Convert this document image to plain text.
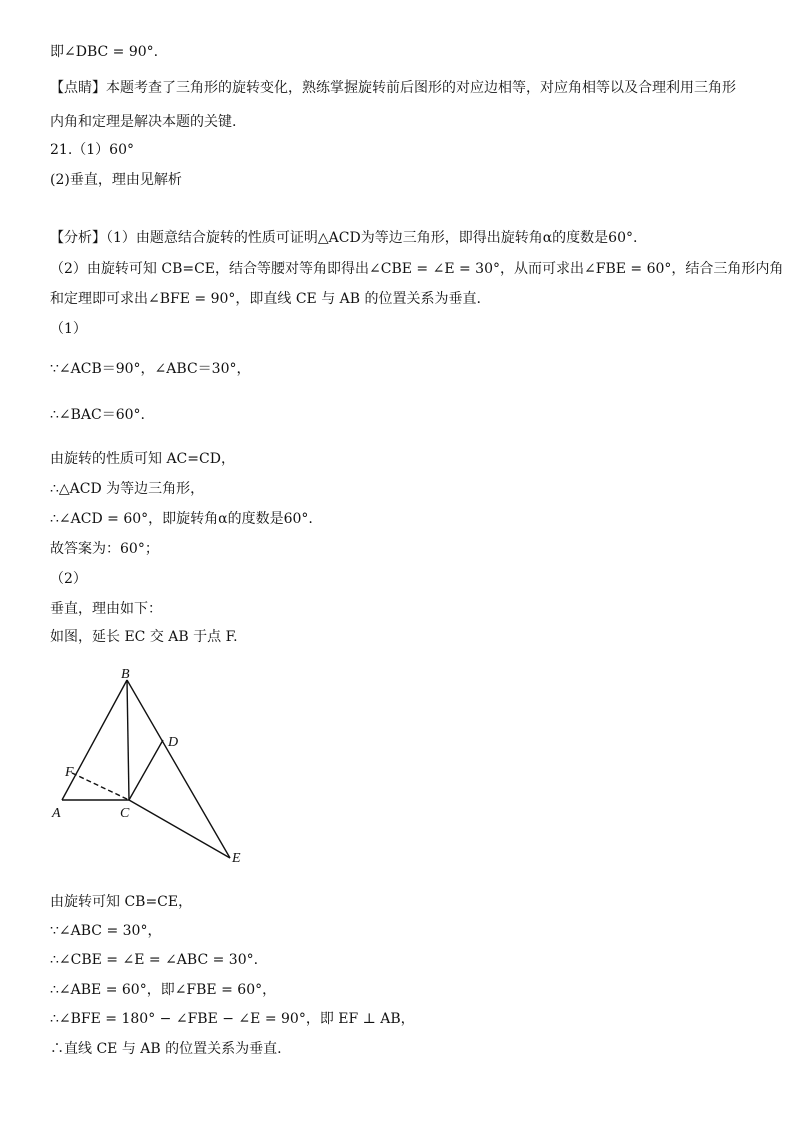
即∠DBC = 90°.
【点睛】本题考查了三角形的旋转变化，熟练掌握旋转前后图形的对应边相等，对应角相等以及合理利用三角形
内角和定理是解决本题的关键.
21.（1）60°
(2)垂直，理由见解析
【分析】（1）由题意结合旋转的性质可证明△ACD为等边三角形，即得出旋转角α的度数是60°.
（2）由旋转可知 CB=CE，结合等腰对等角即得出∠CBE = ∠E = 30°，从而可求出∠FBE = 60°，结合三角形内角
和定理即可求出∠BFE = 90°，即直线 CE 与 AB 的位置关系为垂直.
（1）
∵∠ACB＝90°，∠ABC＝30°，
∴∠BAC＝60°.
由旋转的性质可知 AC=CD，
∴△ACD 为等边三角形，
∴∠ACD = 60°，即旋转角α的度数是60°.
故答案为：60°；
（2）
垂直，理由如下：
如图，延长 EC 交 AB 于点 F.
B
D
F
A	C
E
由旋转可知 CB=CE，
∵∠ABC = 30°，
∴∠CBE = ∠E = ∠ABC = 30°.
∴∠ABE = 60°，即∠FBE = 60°，
∴∠BFE = 180° − ∠FBE − ∠E = 90°，即 EF ⊥ AB，
∴直线 CE 与 AB 的位置关系为垂直.
